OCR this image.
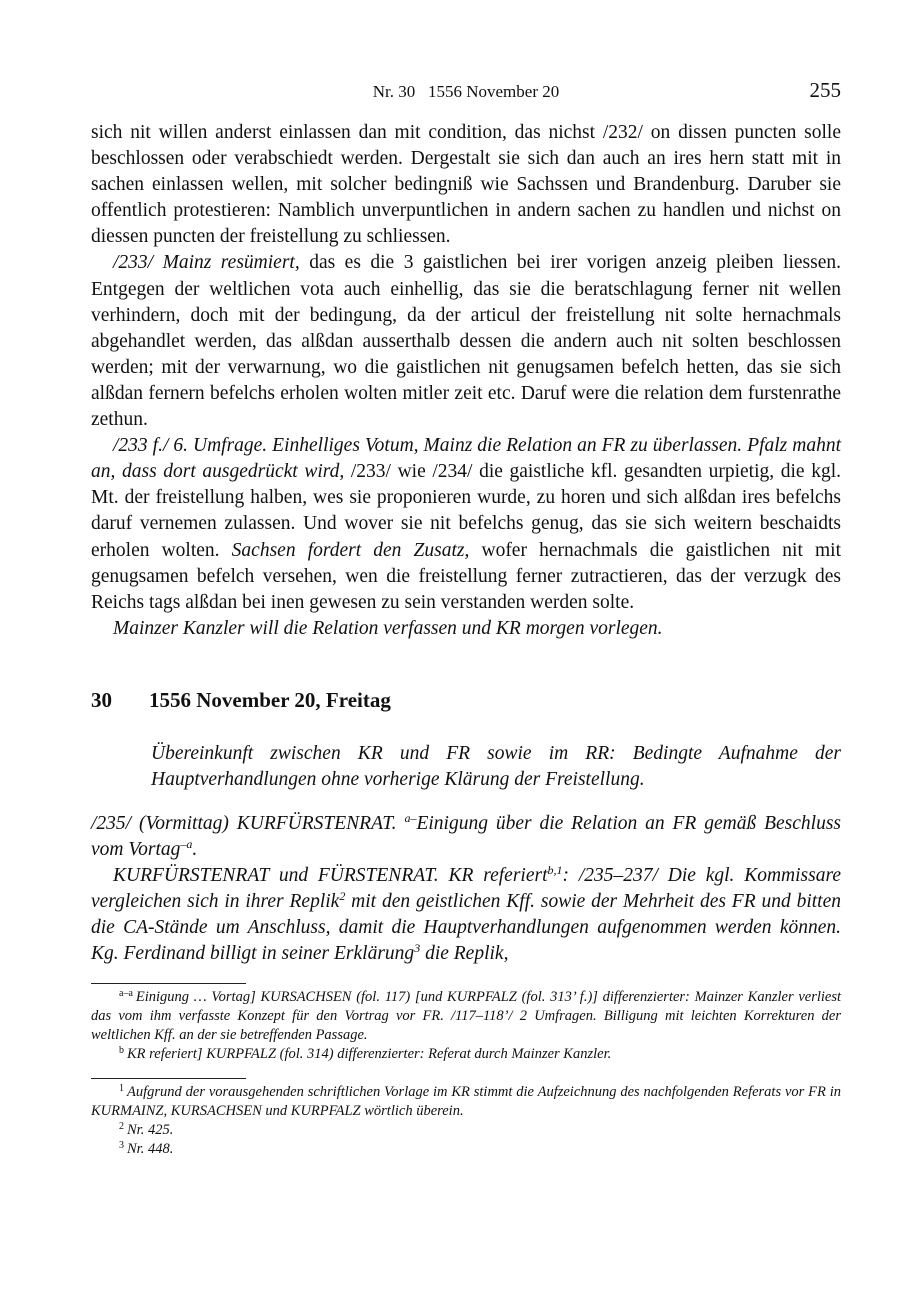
Nr. 30 1556 November 20	255

sich nit willen anderst einlassen dan mit condition, das nichst /232/ on dissen puncten solle beschlossen oder verabschiedt werden. Dergestalt sie sich dan auch an ires hern statt mit in sachen einlassen wellen, mit solcher bedingniß wie Sachssen und Brandenburg. Daruber sie offentlich protestieren: Namblich unverpuntlichen in andern sachen zu handlen und nichst on diessen puncten der freistellung zu schliessen.

/233/ Mainz resümiert, das es die 3 gaistlichen bei irer vorigen anzeig pleiben liessen. Entgegen der weltlichen vota auch einhellig, das sie die beratschlagung ferner nit wellen verhindern, doch mit der bedingung, da der articul der freistellung nit solte hernachmals abgehandlet werden, das alßdan ausserthalb dessen die andern auch nit solten beschlossen werden; mit der verwarnung, wo die gaistlichen nit genugsamen befelch hetten, das sie sich alßdan fernern befelchs erholen wolten mitler zeit etc. Daruf were die relation dem furstenrathe zethun.

/233 f./ 6. Umfrage. Einhelliges Votum, Mainz die Relation an FR zu überlassen. Pfalz mahnt an, dass dort ausgedrückt wird, /233/ wie /234/ die gaistliche kfl. gesandten urpietig, die kgl. Mt. der freistellung halben, wes sie proponieren wurde, zu horen und sich alßdan ires befelchs daruf vernemen zulassen. Und wover sie nit befelchs genug, das sie sich weitern beschaidts erholen wolten. Sachsen fordert den Zusatz, wofer hernachmals die gaistlichen nit mit genugsamen befelch versehen, wen die freistellung ferner zutractieren, das der verzugk des Reichs tags alßdan bei inen gewesen zu sein verstanden werden solte.

Mainzer Kanzler will die Relation verfassen und KR morgen vorlegen.

30 1556 November 20, Freitag
Übereinkunft zwischen KR und FR sowie im RR: Bedingte Aufnahme der Hauptverhandlungen ohne vorherige Klärung der Freistellung.

/235/ (Vormittag) KURFÜRSTENRAT. $^{a-}$Einigung über die Relation an FR gemäß Beschluss vom Vortag$^{-a}$.

KURFÜRSTENRAT und FÜRSTENRAT. KR referiert$^{b,1}$: /235–237/ Die kgl. Kommissare vergleichen sich in ihrer Replik$^2$ mit den geistlichen Kff. sowie der Mehrheit des FR und bitten die CA-Stände um Anschluss, damit die Hauptverhandlungen aufgenommen werden können. Kg. Ferdinand billigt in seiner Erklärung$^3$ die Replik,

$^{a-a}$ Einigung … Vortag] KURSACHSEN (fol. 117) [und KURPFALZ (fol. 313’ f.)] differenzierter: Mainzer Kanzler verliest das vom ihm verfasste Konzept für den Vortrag vor FR. /117–118’/ 2 Umfragen. Billigung mit leichten Korrekturen der weltlichen Kff. an der sie betreffenden Passage.

$^b$ KR referiert] KURPFALZ (fol. 314) differenzierter: Referat durch Mainzer Kanzler.

$^1$ Aufgrund der vorausgehenden schriftlichen Vorlage im KR stimmt die Aufzeichnung des nachfolgenden Referats vor FR in KURMAINZ, KURSACHSEN und KURPFALZ wörtlich überein.

$^2$ Nr. 425.

$^3$ Nr. 448.
